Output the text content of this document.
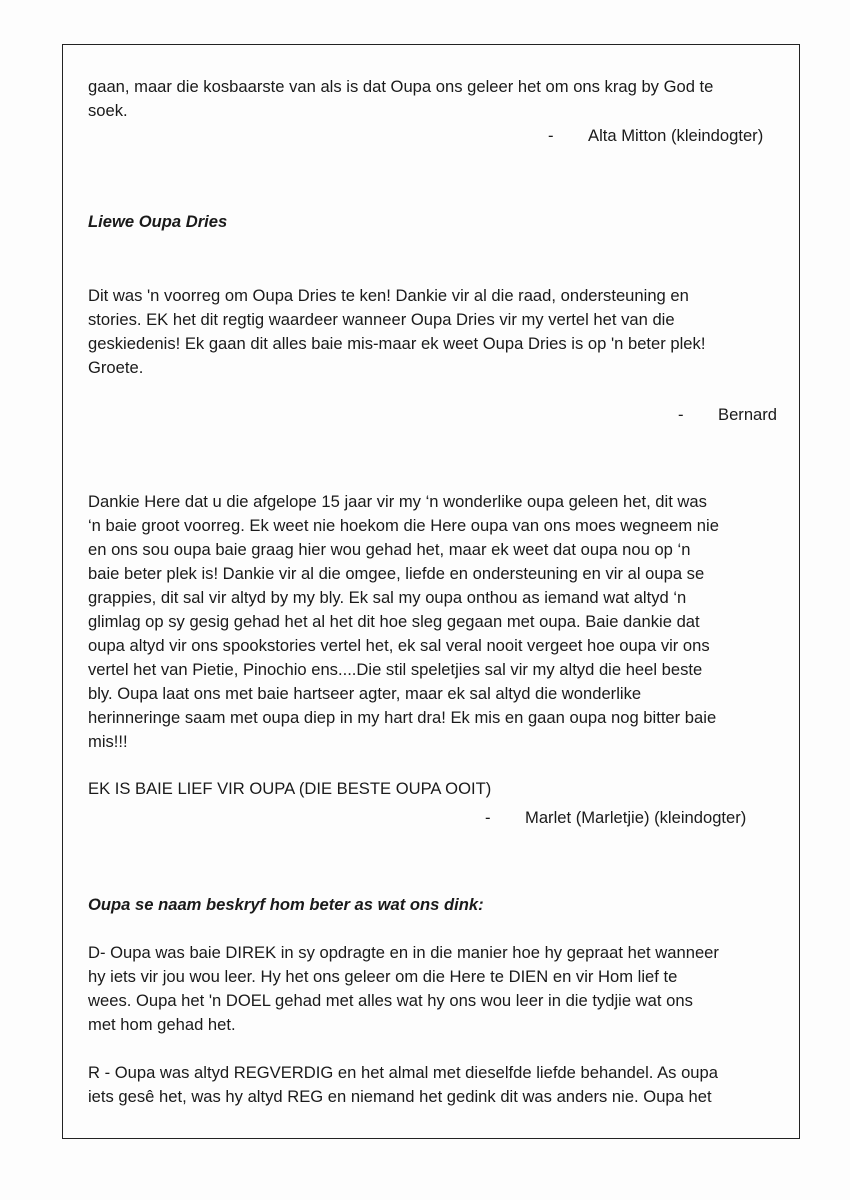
gaan, maar die kosbaarste van als is dat Oupa ons geleer het om ons krag by God te
soek.
- Alta Mitton (kleindogter)
Liewe Oupa Dries
Dit was 'n voorreg om Oupa Dries te ken! Dankie vir al die raad, ondersteuning en
stories. EK het dit regtig waardeer wanneer Oupa Dries vir my vertel het van die
geskiedenis! Ek gaan dit alles baie mis-maar ek weet Oupa Dries is op 'n beter plek!
Groete.
- Bernard
Dankie Here dat u die afgelope 15 jaar vir my ‘n wonderlike oupa geleen het, dit was
‘n baie groot voorreg. Ek weet nie hoekom die Here oupa van ons moes wegneem nie
en ons sou oupa baie graag hier wou gehad het, maar ek weet dat oupa nou op ‘n
baie beter plek is! Dankie vir al die omgee, liefde en ondersteuning en vir al oupa se
grappies, dit sal vir altyd by my bly. Ek sal my oupa onthou as iemand wat altyd ‘n
glimlag op sy gesig gehad het al het dit hoe sleg gegaan met oupa. Baie dankie dat
oupa altyd vir ons spookstories vertel het, ek sal veral nooit vergeet hoe oupa vir ons
vertel het van Pietie, Pinochio ens....Die stil speletjies sal vir my altyd die heel beste
bly. Oupa laat ons met baie hartseer agter, maar ek sal altyd die wonderlike
herinneringe saam met oupa diep in my hart dra! Ek mis en gaan oupa nog bitter baie
mis!!!
EK IS BAIE LIEF VIR OUPA (DIE BESTE OUPA OOIT)
- Marlet (Marletjie) (kleindogter)
Oupa se naam beskryf hom beter as wat ons dink:
D- Oupa was baie DIREK in sy opdragte en in die manier hoe hy gepraat het wanneer
hy iets vir jou wou leer. Hy het ons geleer om die Here te DIEN en vir Hom lief te
wees. Oupa het 'n DOEL gehad met alles wat hy ons wou leer in die tydjie wat ons
met hom gehad het.
R - Oupa was altyd REGVERDIG en het almal met dieselfde liefde behandel. As oupa
iets gesê het, was hy altyd REG en niemand het gedink dit was anders nie. Oupa het
